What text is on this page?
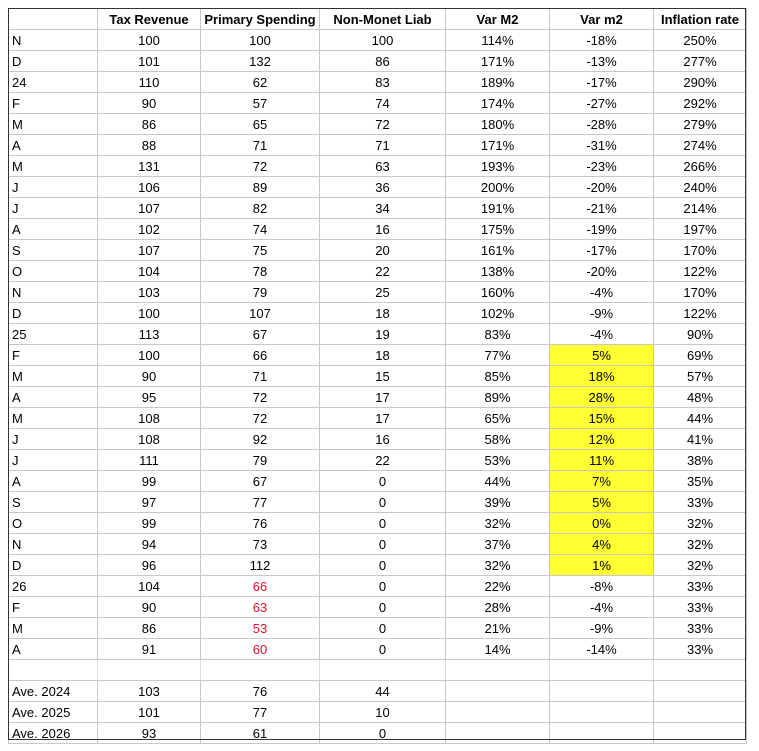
	Tax Revenue	Primary Spending	Non-Monet Liab	Var M2	Var m2	Inflation rate
N	100	100	100	114%	-18%	250%
D	101	132	86	171%	-13%	277%
24	110	62	83	189%	-17%	290%
F	90	57	74	174%	-27%	292%
M	86	65	72	180%	-28%	279%
A	88	71	71	171%	-31%	274%
M	131	72	63	193%	-23%	266%
J	106	89	36	200%	-20%	240%
J	107	82	34	191%	-21%	214%
A	102	74	16	175%	-19%	197%
S	107	75	20	161%	-17%	170%
O	104	78	22	138%	-20%	122%
N	103	79	25	160%	-4%	170%
D	100	107	18	102%	-9%	122%
25	113	67	19	83%	-4%	90%
F	100	66	18	77%	5%	69%
M	90	71	15	85%	18%	57%
A	95	72	17	89%	28%	48%
M	108	72	17	65%	15%	44%
J	108	92	16	58%	12%	41%
J	111	79	22	53%	11%	38%
A	99	67	0	44%	7%	35%
S	97	77	0	39%	5%	33%
O	99	76	0	32%	0%	32%
N	94	73	0	37%	4%	32%
D	96	112	0	32%	1%	32%
26	104	66	0	22%	-8%	33%
F	90	63	0	28%	-4%	33%
M	86	53	0	21%	-9%	33%
A	91	60	0	14%	-14%	33%

Ave. 2024	103	76	44			
Ave. 2025	101	77	10			
Ave. 2026	93	61	0			
